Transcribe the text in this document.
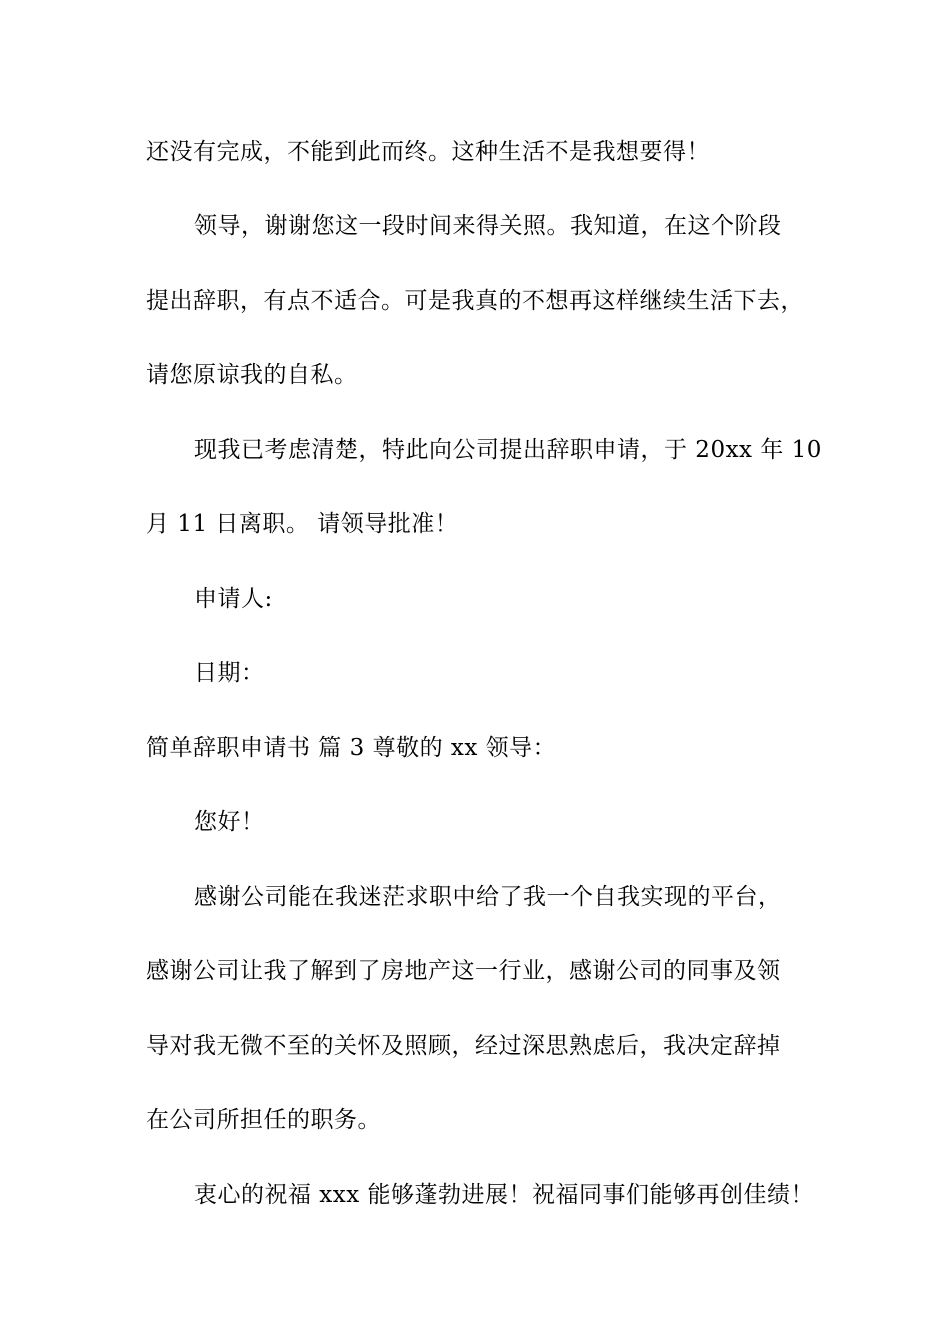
还没有完成，不能到此而终。这种生活不是我想要得！

领导，谢谢您这一段时间来得关照。我知道，在这个阶段

提出辞职，有点不适合。可是我真的不想再这样继续生活下去，

请您原谅我的自私。

现我已考虑清楚，特此向公司提出辞职申请，于 20xx 年 10

月 11 日离职。 请领导批准！

申请人:

日期：

简单辞职申请书 篇 3 尊敬的 xx 领导：

您好！

感谢公司能在我迷茫求职中给了我一个自我实现的平台，

感谢公司让我了解到了房地产这一行业，感谢公司的同事及领

导对我无微不至的关怀及照顾，经过深思熟虑后，我决定辞掉

在公司所担任的职务。

衷心的祝福 xxx 能够蓬勃进展！祝福同事们能够再创佳绩！
